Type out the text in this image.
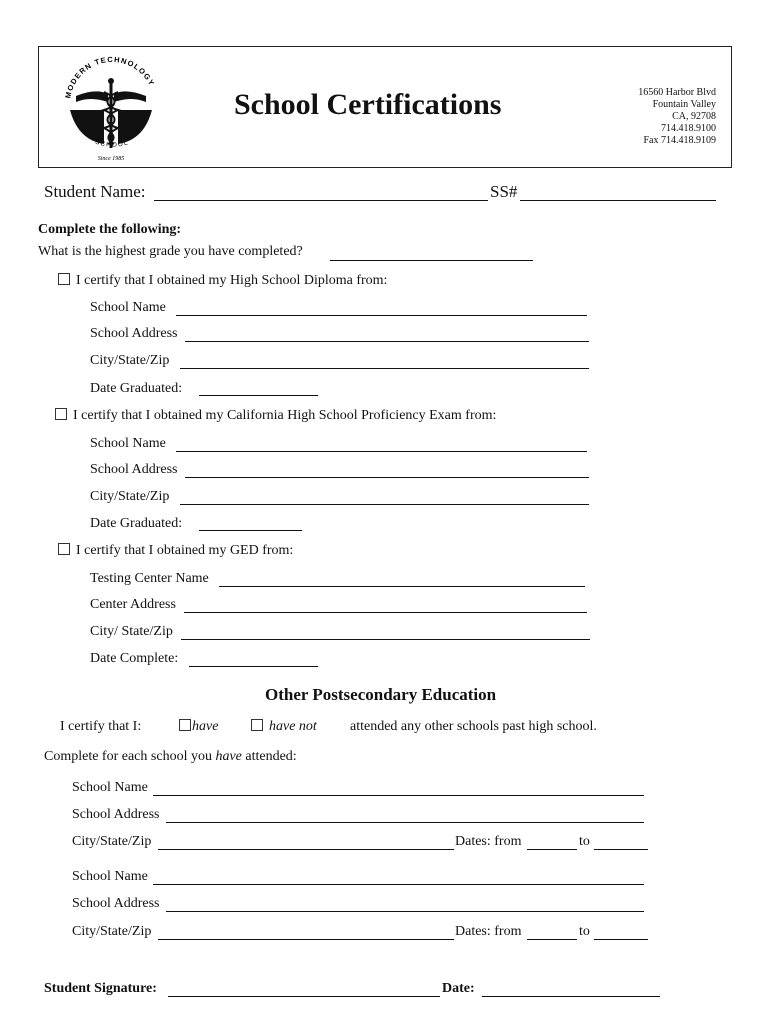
MODERN TECHNOLOGY
SCHOOL
Since 1985
School Certifications	16560 Harbor Blvd
Fountain Valley
CA, 92708
714.418.9100
Fax 714.418.9109
Student Name:	SS#
Complete the following:
What is the highest grade you have completed?
I certify that I obtained my High School Diploma from:
School Name
School Address
City/State/Zip
Date Graduated:
I certify that I obtained my California High School Proficiency Exam from:
School Name
School Address
City/State/Zip
Date Graduated:
I certify that I obtained my GED from:
Testing Center Name
Center Address
City/ State/Zip
Date Complete:
Other Postsecondary Education
I certify that I:	have	have not attended any other schools past high school.
Complete for each school you have attended:
School Name
School Address
City/State/Zip	Dates: from	to
School Name
School Address
City/State/Zip	Dates: from	to
Student Signature:	Date:
